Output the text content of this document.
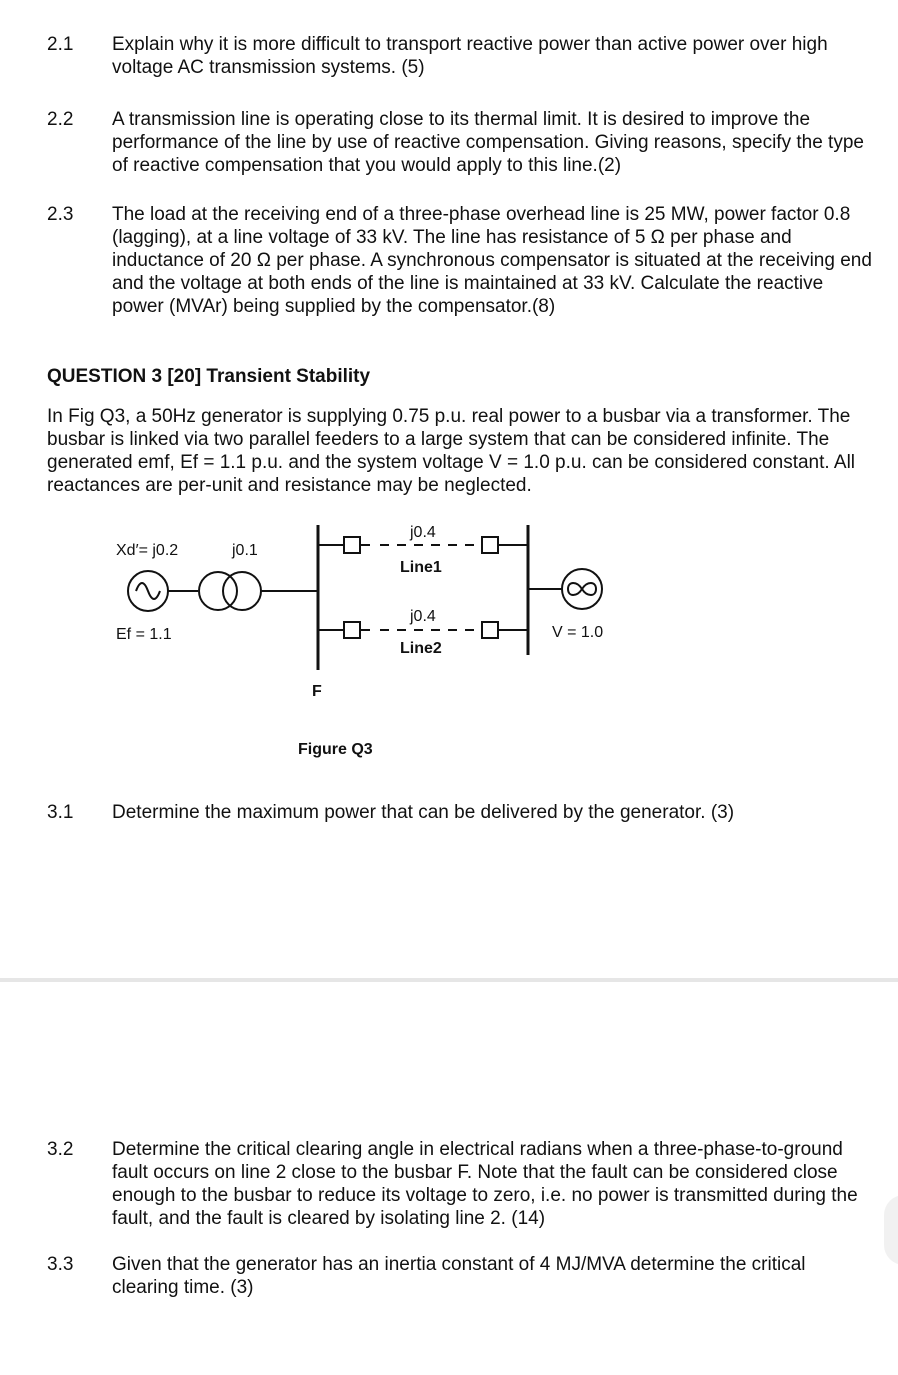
2.1 Explain why it is more difficult to transport reactive power than active power over high voltage AC transmission systems. (5)
2.2 A transmission line is operating close to its thermal limit. It is desired to improve the performance of the line by use of reactive compensation. Giving reasons, specify the type of reactive compensation that you would apply to this line.(2)
2.3 The load at the receiving end of a three-phase overhead line is 25 MW, power factor 0.8 (lagging), at a line voltage of 33 kV. The line has resistance of 5 Ω per phase and inductance of 20 Ω per phase. A synchronous compensator is situated at the receiving end and the voltage at both ends of the line is maintained at 33 kV. Calculate the reactive power (MVAr) being supplied by the compensator.(8)
QUESTION 3 [20] Transient Stability
In Fig Q3, a 50Hz generator is supplying 0.75 p.u. real power to a busbar via a transformer. The busbar is linked via two parallel feeders to a large system that can be considered infinite. The generated emf, Ef = 1.1 p.u. and the system voltage V = 1.0 p.u. can be considered constant. All reactances are per-unit and resistance may be neglected.
Xd′= j0.2	j0.1
Ef = 1.1
j0.4
Line1
j0.4
Line2
V = 1.0
F
Figure Q3
3.1 Determine the maximum power that can be delivered by the generator. (3)
3.2 Determine the critical clearing angle in electrical radians when a three-phase-to-ground fault occurs on line 2 close to the busbar F. Note that the fault can be considered close enough to the busbar to reduce its voltage to zero, i.e. no power is transmitted during the fault, and the fault is cleared by isolating line 2. (14)
3.3 Given that the generator has an inertia constant of 4 MJ/MVA determine the critical clearing time. (3)
